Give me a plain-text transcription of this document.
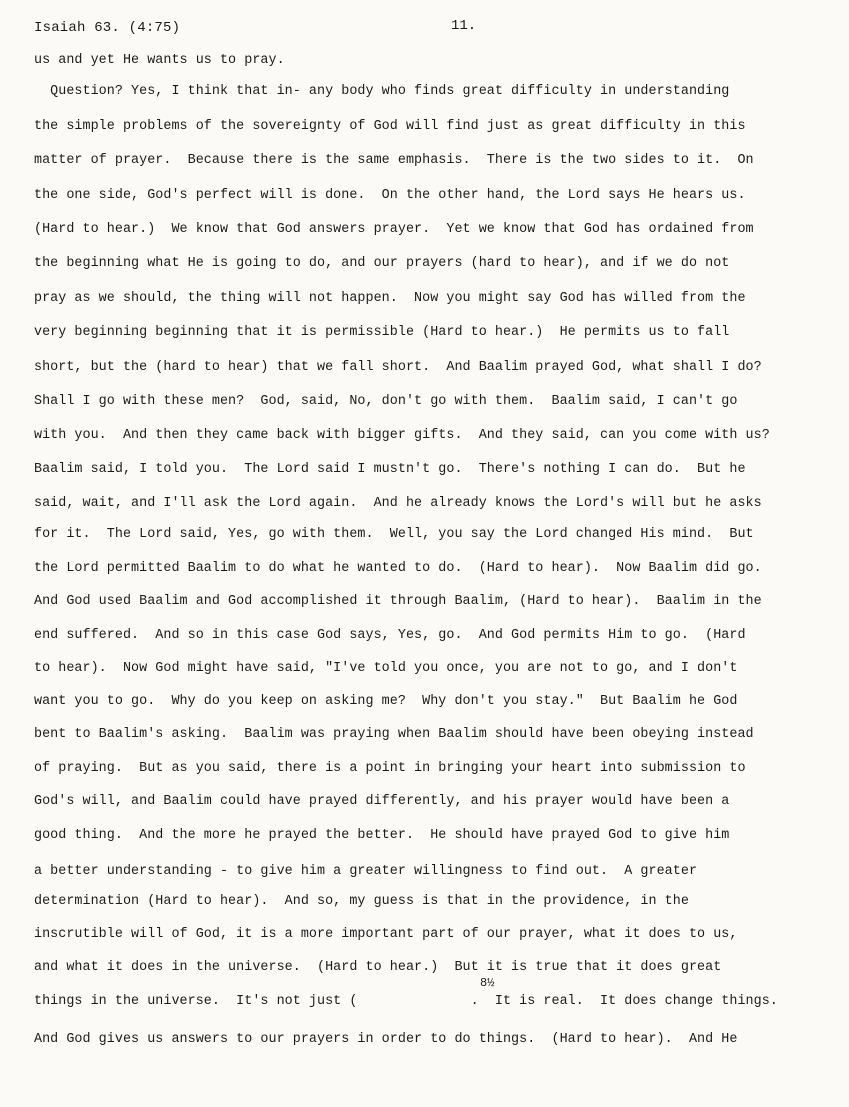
Isaiah 63. (4:75)	11.
us and yet He wants us to pray.
Question? Yes, I think that in- any body who finds great difficulty in understanding
the simple problems of the sovereignty of God will find just as great difficulty in this
matter of prayer.  Because there is the same emphasis.  There is the two sides to it.  On
the one side, God's perfect will is done.  On the other hand, the Lord says He hears us.
(Hard to hear.)  We know that God answers prayer.  Yet we know that God has ordained from
the beginning what He is going to do, and our prayers (hard to hear), and if we do not
pray as we should, the thing will not happen.  Now you might say God has willed from the
very beginning beginning that it is permissible (Hard to hear.)  He permits us to fall
short, but the (hard to hear) that we fall short.  And Baalim prayed God, what shall I do?
Shall I go with these men?  God, said, No, don't go with them.  Baalim said, I can't go
with you.  And then they came back with bigger gifts.  And they said, can you come with us?
Baalim said, I told you.  The Lord said I mustn't go.  There's nothing I can do.  But he
said, wait, and I'll ask the Lord again.  And he already knows the Lord's will but he asks
for it.  The Lord said, Yes, go with them.  Well, you say the Lord changed His mind.  But
the Lord permitted Baalim to do what he wanted to do.  (Hard to hear).  Now Baalim did go.
And God used Baalim and God accomplished it through Baalim, (Hard to hear).  Baalim in the
end suffered.  And so in this case God says, Yes, go.  And God permits Him to go.  (Hard
to hear).  Now God might have said, "I've told you once, you are not to go, and I don't
want you to go.  Why do you keep on asking me?  Why don't you stay."  But Baalim he God
bent to Baalim's asking.  Baalim was praying when Baalim should have been obeying instead
of praying.  But as you said, there is a point in bringing your heart into submission to
God's will, and Baalim could have prayed differently, and his prayer would have been a
good thing.  And the more he prayed the better.  He should have prayed God to give him
a better understanding - to give him a greater willingness to find out.  A greater
determination (Hard to hear).  And so, my guess is that in the providence, in the
inscrutible will of God, it is a more important part of our prayer, what it does to us,
and what it does in the universe.  (Hard to hear.)  But it is true that it does great
things in the universe.  It's not just (              .  It is real.  It does change things.
And God gives us answers to our prayers in order to do things.  (Hard to hear).  And He
8½
